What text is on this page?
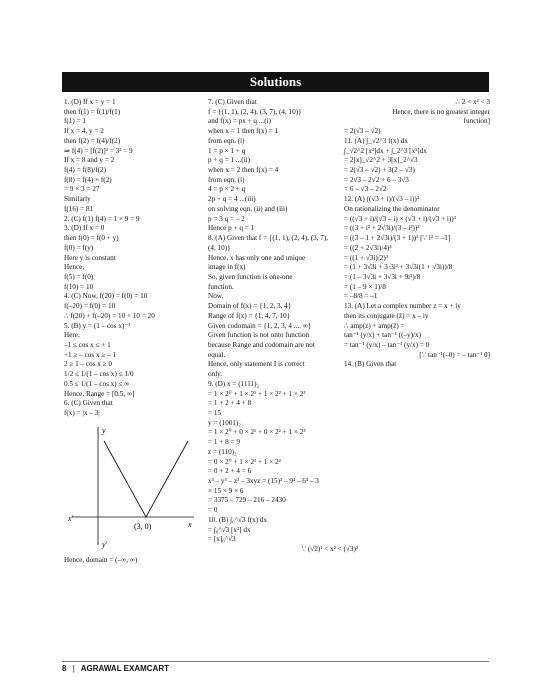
Solutions
1. (D) If x = y = 1
then f(1) = f(1)/f(1)
f(1) = 1
If x = 4, y = 2
then f(2) = f(4)/f(2)
⇒ f(4) = [f(2)]² = 3² = 9
If x = 8 and y = 2
f(4) = f(8)/f(2)
f(8) = f(4) × f(2)
= 9 × 3 = 27
Similarly
f(16) = 81
2. (C) f(1) f(4) = 1 × 9 = 9
3. (D) If x = 0
then f(0) = f(0 + y)
f(0) = f(y)
Here y is constant
Hence,
f(5) = f(0)
f(10) = 10
4. (C) Now, f(20) = f(0) = 10
f(–20) = f(0) = 10
∴ f(20) + f(–20) = 10 + 10 = 20
5. (B) y = (1 – cos x)⁻¹
Here,
–1 ≤ cos x ≤ + 1
+1 ≥ – cos x ≥ – 1
2 ≥ 1 – cos x ≥ 0
1/2 ≤ 1/(1 – cos x) ≤ 1/0
0.5 ≤ 1/(1 – cos x) ≤ ∞
Hence, Range = [0.5, ∞]
6. (C) Given that
f(x) = |x – 3|
y
y'
x
x'
(3, 0)
Hence, domain = (–∞, ∞)
7. (C) Given that
f = {(1, 1), (2, 4), (3, 7), (4, 10)}
and f(x) = px + q ...(i)
when x = 1 then f(x) = 1
from eqn. (i)
1 = p × 1 + q
p + q = 1 ...(ii)
when x = 2 then f(x) = 4
from eqn. (i)
4 = p × 2 + q
2p + q = 4 ...(iii)
on solving eqn. (ii) and (iii)
p = 3 q = – 2
Hence p + q = 1
8. (A) Given that f = {(1, 1), (2, 4), (3, 7),
(4, 10)}
Hence, x has only one and unique
image in f(x)
So, given function is one-one
function.
Now,
Domain of f(x) = {1, 2, 3, 4}
Range of f(x) = {1, 4, 7, 10}
Given codomain = {1, 2, 3, 4 .... ∞}
Given function is not onto function
because Range and codomain are not
equal.
Hence, only statement I is correct
only.
9. (D) x = (1111)₂
= 1 × 2⁰ + 1 × 2¹ + 1 × 2² + 1 × 2³
= 1 + 2 + 4 + 8
= 15
y = (1001)₂
= 1 × 2⁰ + 0 × 2¹ + 0 × 2² + 1 × 2³
= 1 + 8 = 9
z = (110)₂
= 0 × 2⁰ + 1 × 2¹ + 1 × 2²
= 0 + 2 + 4 = 6
x³ – y³ – z³ – 3xyz = (15)³ – 9³ – 6³ – 3
× 15 × 9 × 6
= 3375 – 729 – 216 – 2430
= 0
10. (B) ∫₀^√3 f(x) dx
= ∫₀^√3 [x²] dx
= [x]₀^√3
∵ (√2)² < x² < (√3)²
∴ 2 < x² < 3
Hence, there is no greatest integer
function]
= 2(√3 – √2)
11. (A) ∫_√2^3 f(x) dx
∫_√2^2 [x²]dx + ∫_2^3 [x²]dx
= 2[x]_√2^2 + 3[x]_2^√3
= 2(√3 – √2) + 3(2 – √3)
= 2√3 – 2√2 + 6 – 3√3
= 6 – √3 – 2√2
12. (A) ((√3 + i)/(√3 – i))³
On rationalizing the denominator
= ((√3 + i)/(√3 – i) × (√3 + i)/(√3 + i))³
= ((3 + i² + 2√3i)/(3 – i²))³
= ((3 – 1 + 2√3i)/(3 + 1))³ [∵ i² = –1]
= ((2 + 2√3i)/4)³
= ((1 + √3i)/2)³
= (1 + 3√3i + 3·3i² + 3√3i(1 + √3i))/8
= (1 – 3√3i + 3√3i + 9i²)/8
= (1 – 9 × 1)/8
= –8/8 = –1
13. (A) Let a complex number z = x + iy
then its conjugate (z̄) = x – iy
∴ amp(z) + amp(z̄) =
tan⁻¹ (y/x) + tan⁻¹ ((–y)/x)
= tan⁻¹ (y/x) – tan⁻¹ (y/x) = 0
[∵ tan⁻¹(–θ) = – tan⁻¹ θ]
14. (B) Given that
8 | AGRAWAL EXAMCART
